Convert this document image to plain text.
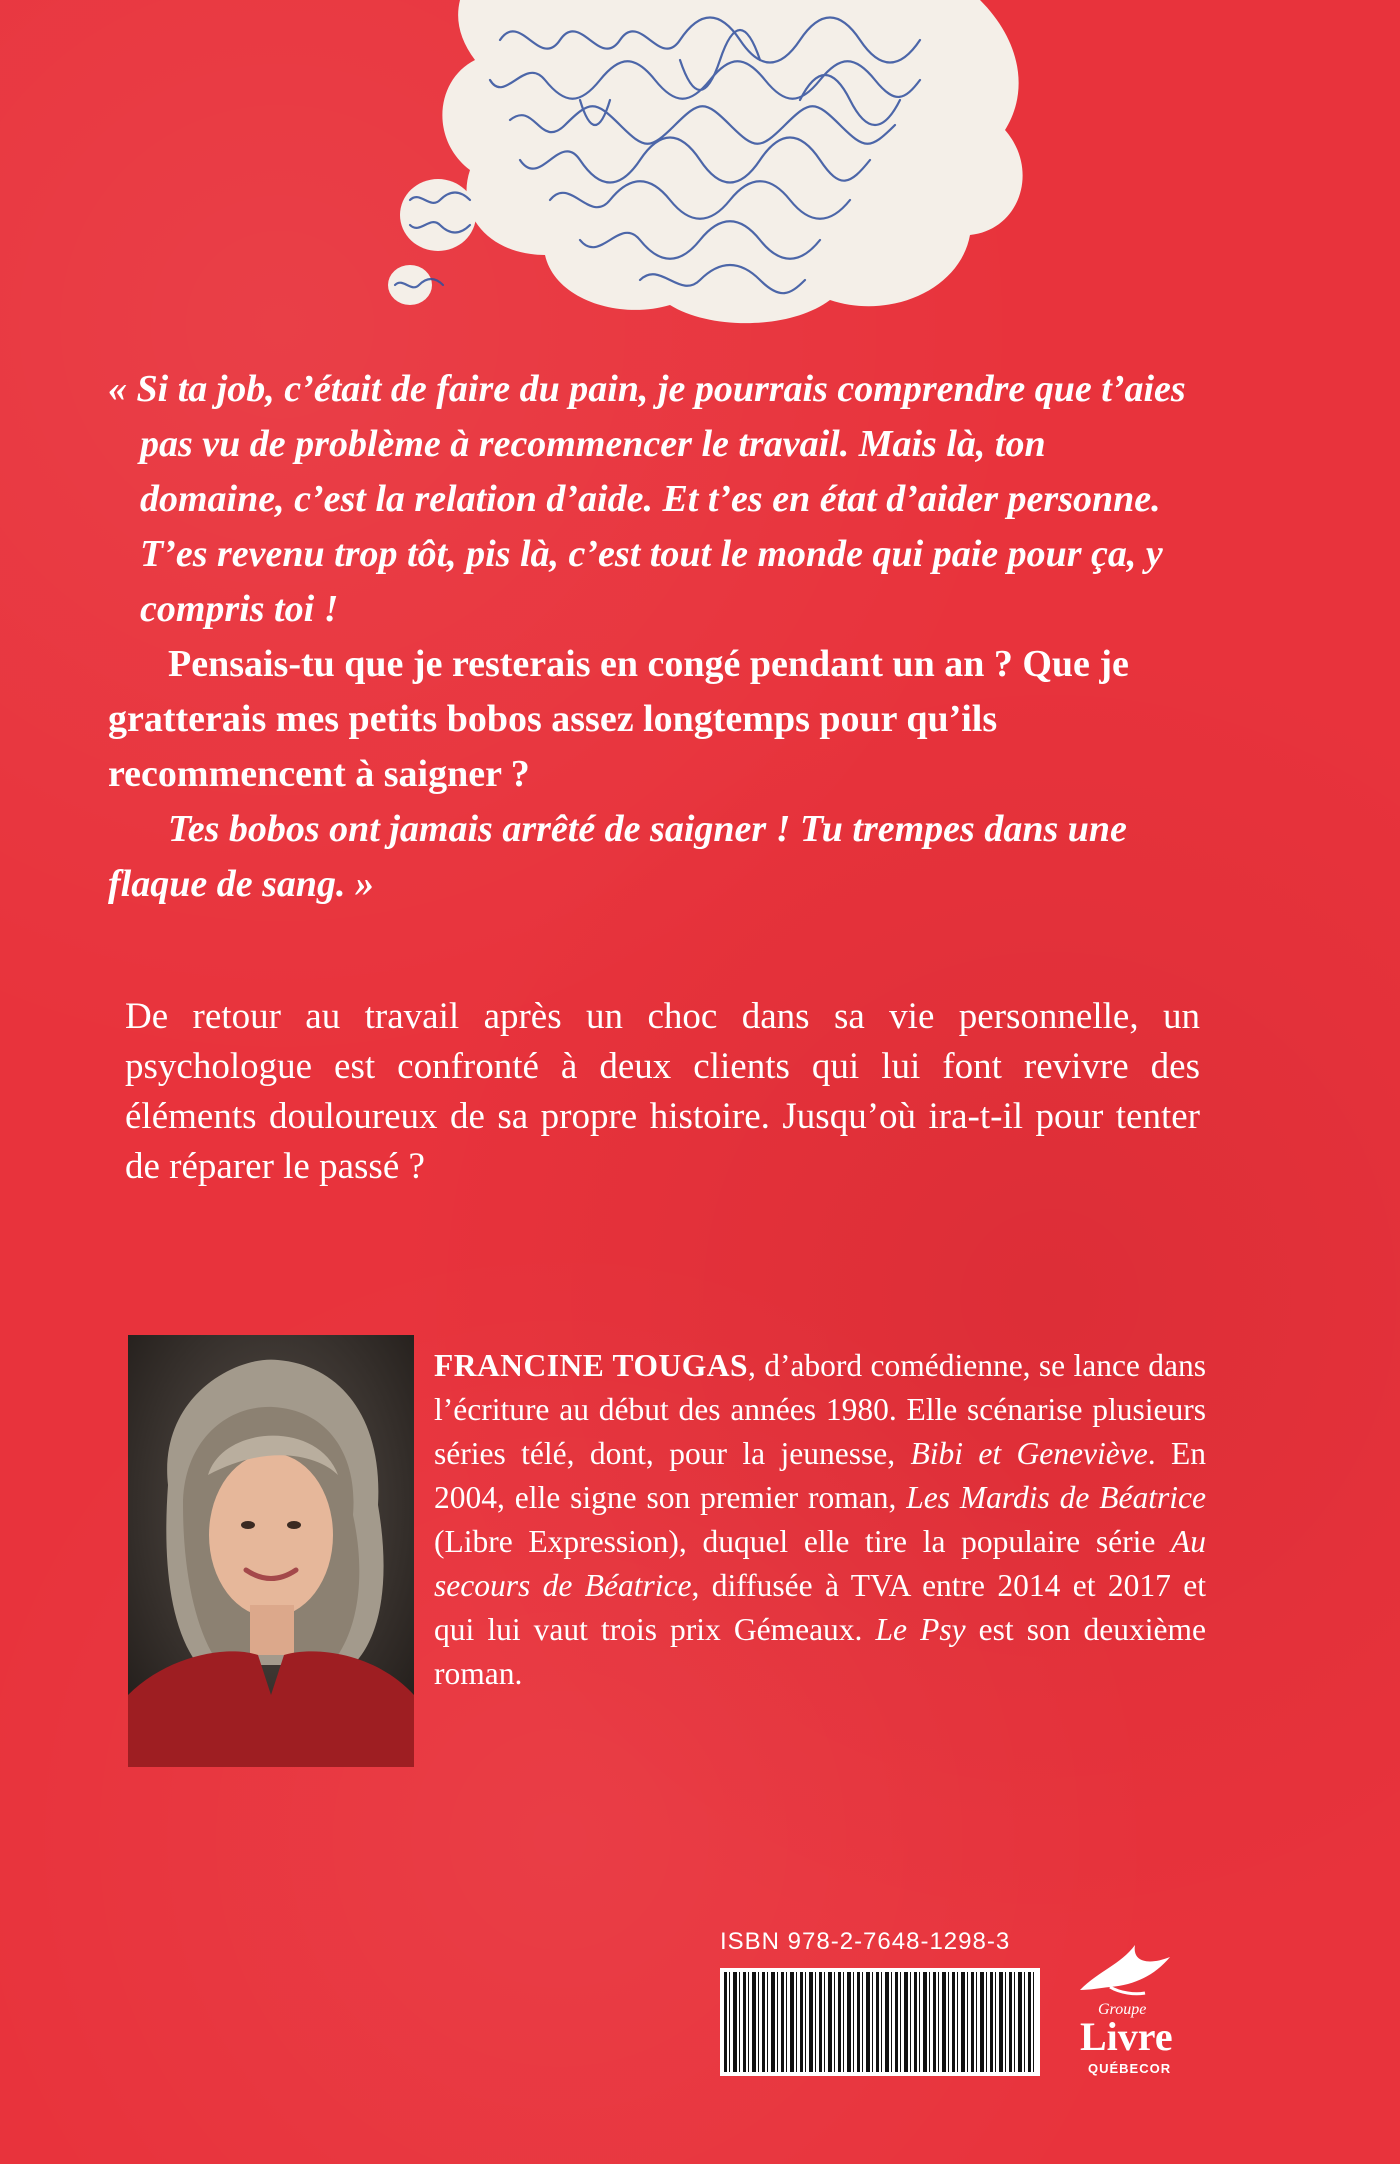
« Si ta job, c’était de faire du pain, je pourrais comprendre que t’aies pas vu de problème à recommencer le travail. Mais là, ton domaine, c’est la relation d’aide. Et t’es en état d’aider personne. T’es revenu trop tôt, pis là, c’est tout le monde qui paie pour ça, y compris toi !

Pensais-tu que je resterais en congé pendant un an ? Que je gratterais mes petits bobos assez longtemps pour qu’ils recommencent à saigner ?

Tes bobos ont jamais arrêté de saigner ! Tu trempes dans une flaque de sang. »

De retour au travail après un choc dans sa vie personnelle, un psychologue est confronté à deux clients qui lui font revivre des éléments douloureux de sa propre histoire. Jusqu’où ira-t-il pour tenter de réparer le passé ?

FRANCINE TOUGAS, d’abord comédienne, se lance dans l’écriture au début des années 1980. Elle scénarise plusieurs séries télé, dont, pour la jeunesse, Bibi et Geneviève. En 2004, elle signe son premier roman, Les Mardis de Béatrice (Libre Expression), duquel elle tire la populaire série Au secours de Béatrice, diffusée à TVA entre 2014 et 2017 et qui lui vaut trois prix Gémeaux. Le Psy est son deuxième roman.

ISBN 978-2-7648-1298-3
Groupe
Livre
QUÉBECOR
